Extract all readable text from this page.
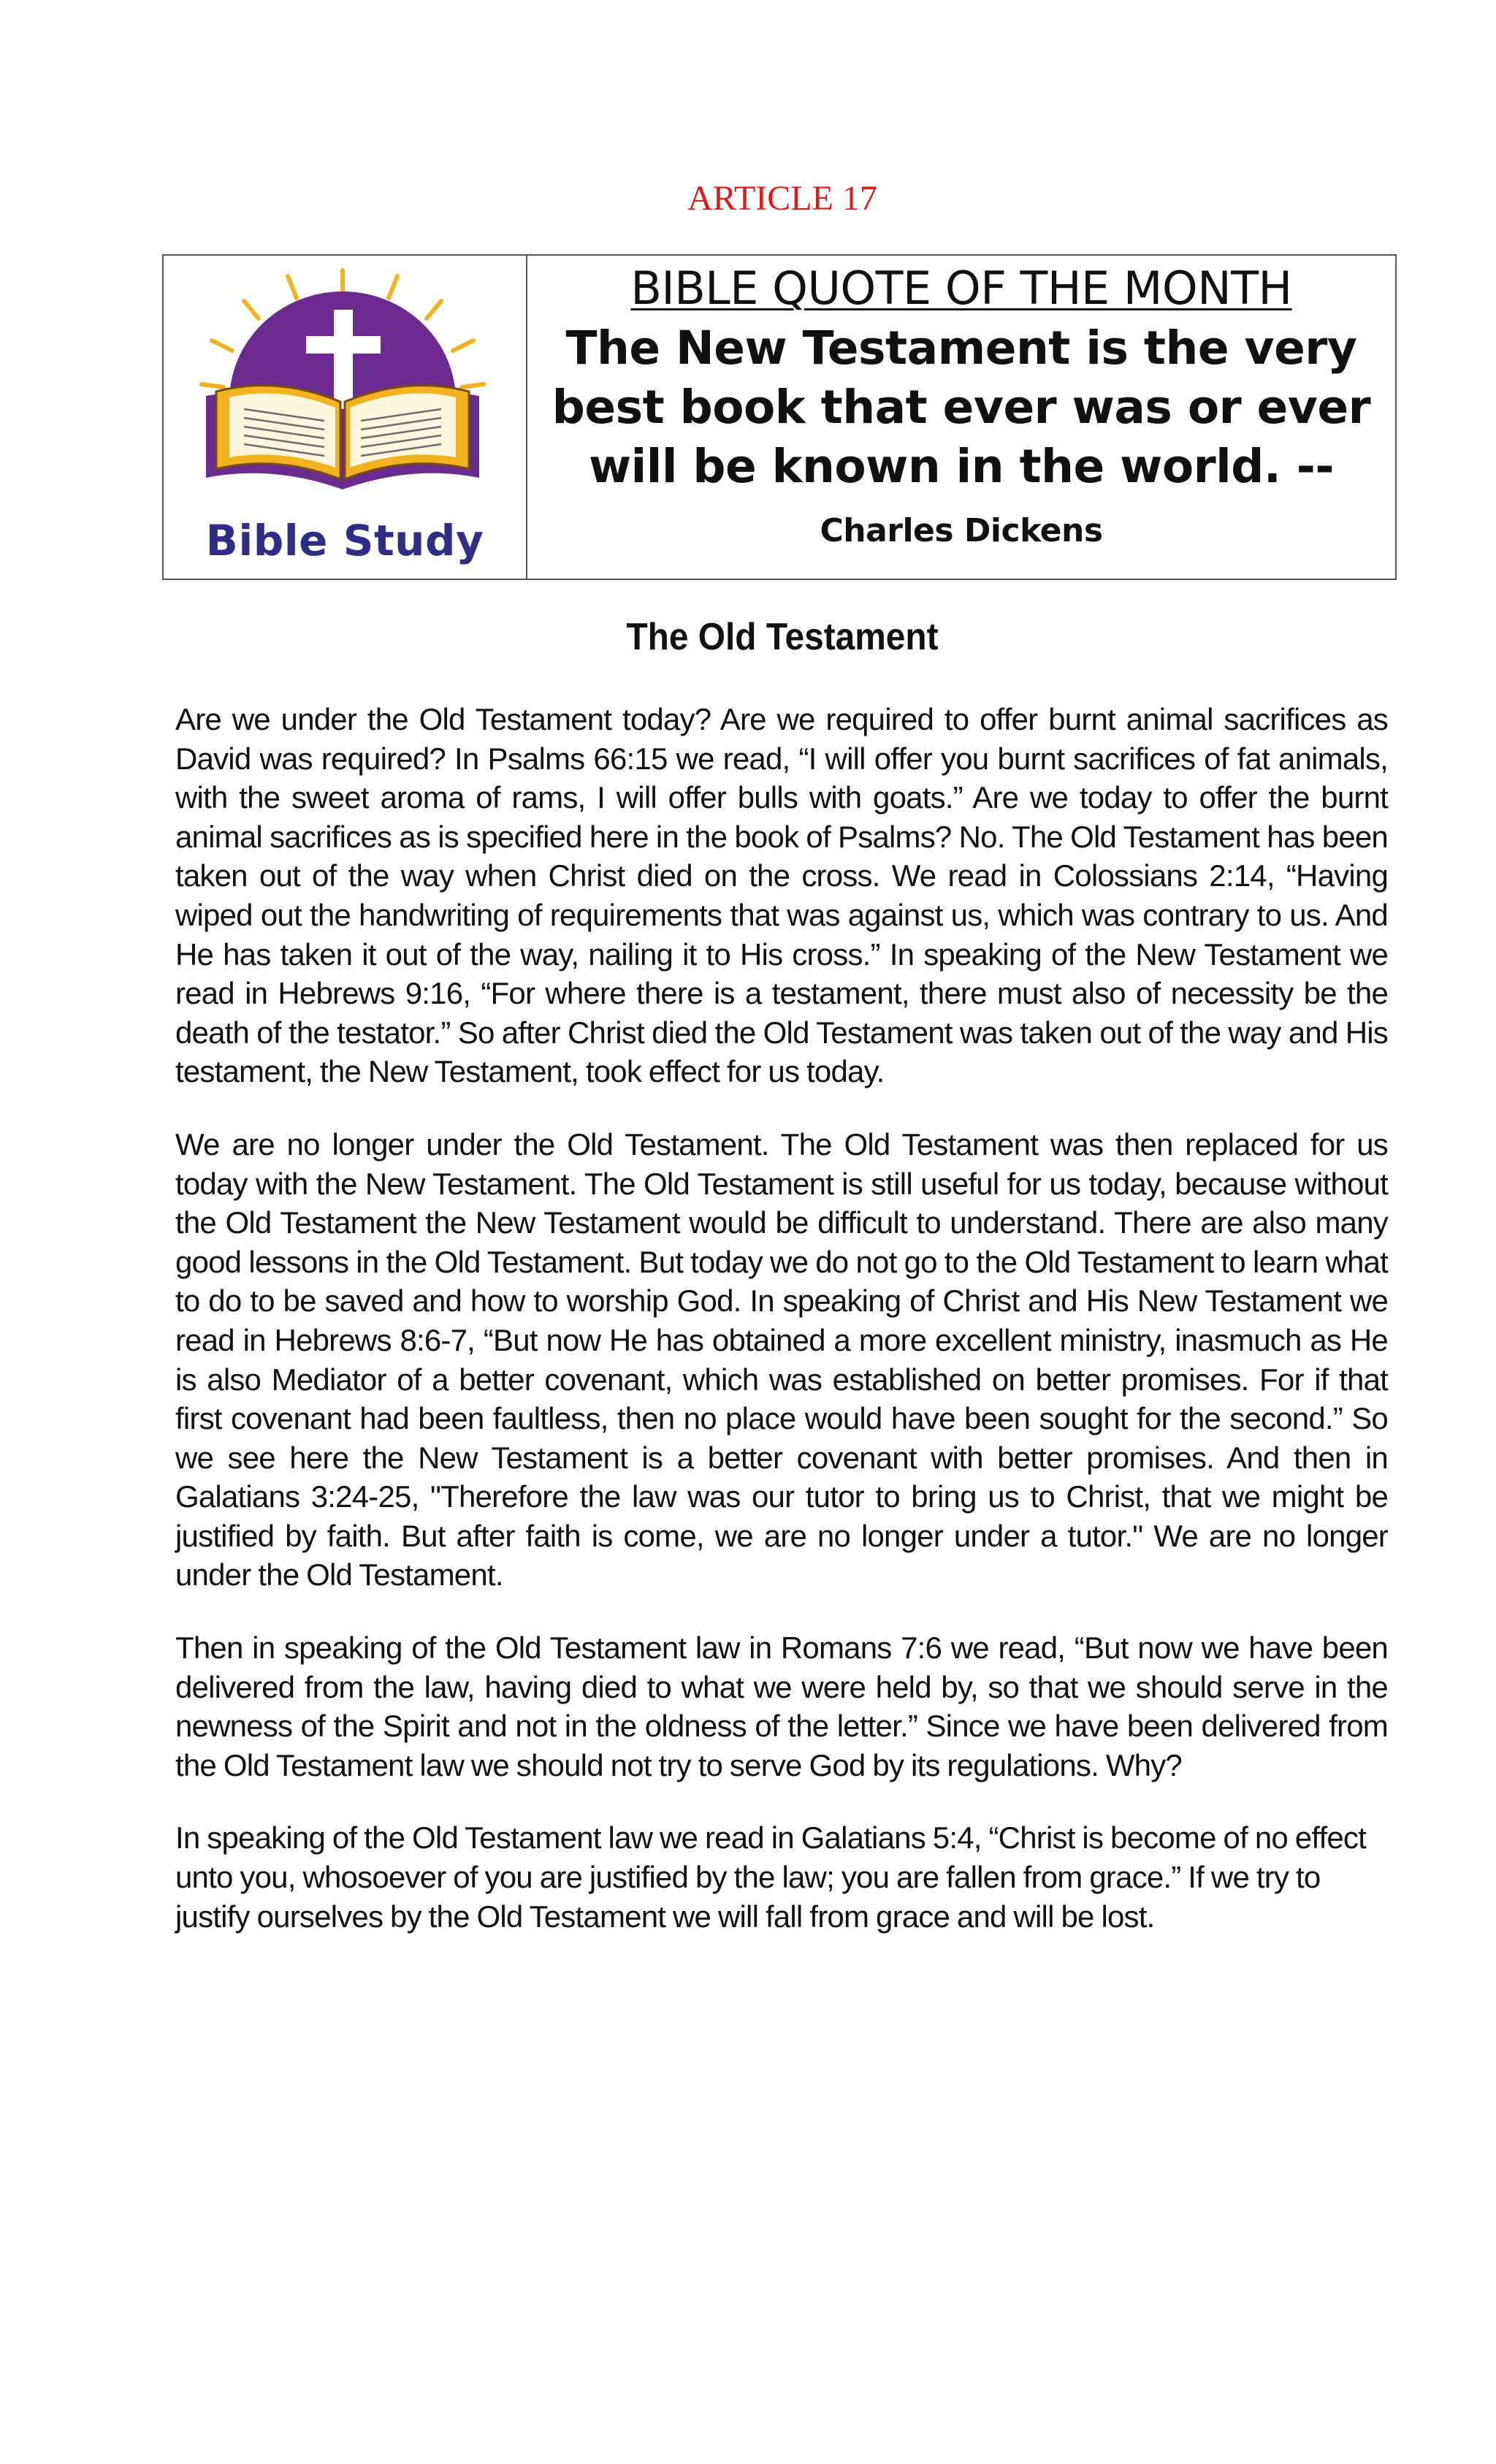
ARTICLE 17
Bible Study
BIBLE QUOTE OF THE MONTH
The New Testament is the very best book that ever was or ever will be known in the world. --Charles Dickens
The Old Testament

Are we under the Old Testament today? Are we required to offer burnt animal sacrifices as David was required? In Psalms 66:15 we read, “I will offer you burnt sacrifices of fat animals, with the sweet aroma of rams, I will offer bulls with goats.” Are we today to offer the burnt animal sacrifices as is specified here in the book of Psalms? No. The Old Testament has been taken out of the way when Christ died on the cross. We read in Colossians 2:14, “Having wiped out the handwriting of requirements that was against us, which was contrary to us. And He has taken it out of the way, nailing it to His cross.” In speaking of the New Testament we read in Hebrews 9:16, “For where there is a testament, there must also of necessity be the death of the testator.” So after Christ died the Old Testament was taken out of the way and His testament, the New Testament, took effect for us today.

We are no longer under the Old Testament. The Old Testament was then replaced for us today with the New Testament. The Old Testament is still useful for us today, because without the Old Testament the New Testament would be difficult to understand. There are also many good lessons in the Old Testament. But today we do not go to the Old Testament to learn what to do to be saved and how to worship God. In speaking of Christ and His New Testament we read in Hebrews 8:6-7, “But now He has obtained a more excellent ministry, inasmuch as He is also Mediator of a better covenant, which was established on better promises. For if that first covenant had been faultless, then no place would have been sought for the second.” So we see here the New Testament is a better covenant with better promises. And then in Galatians 3:24-25, "Therefore the law was our tutor to bring us to Christ, that we might be justified by faith. But after faith is come, we are no longer under a tutor." We are no longer under the Old Testament.

Then in speaking of the Old Testament law in Romans 7:6 we read, “But now we have been delivered from the law, having died to what we were held by, so that we should serve in the newness of the Spirit and not in the oldness of the letter.” Since we have been delivered from the Old Testament law we should not try to serve God by its regulations. Why?

In speaking of the Old Testament law we read in Galatians 5:4, “Christ is become of no effect unto you, whosoever of you are justified by the law; you are fallen from grace.” If we try to justify ourselves by the Old Testament we will fall from grace and will be lost.
